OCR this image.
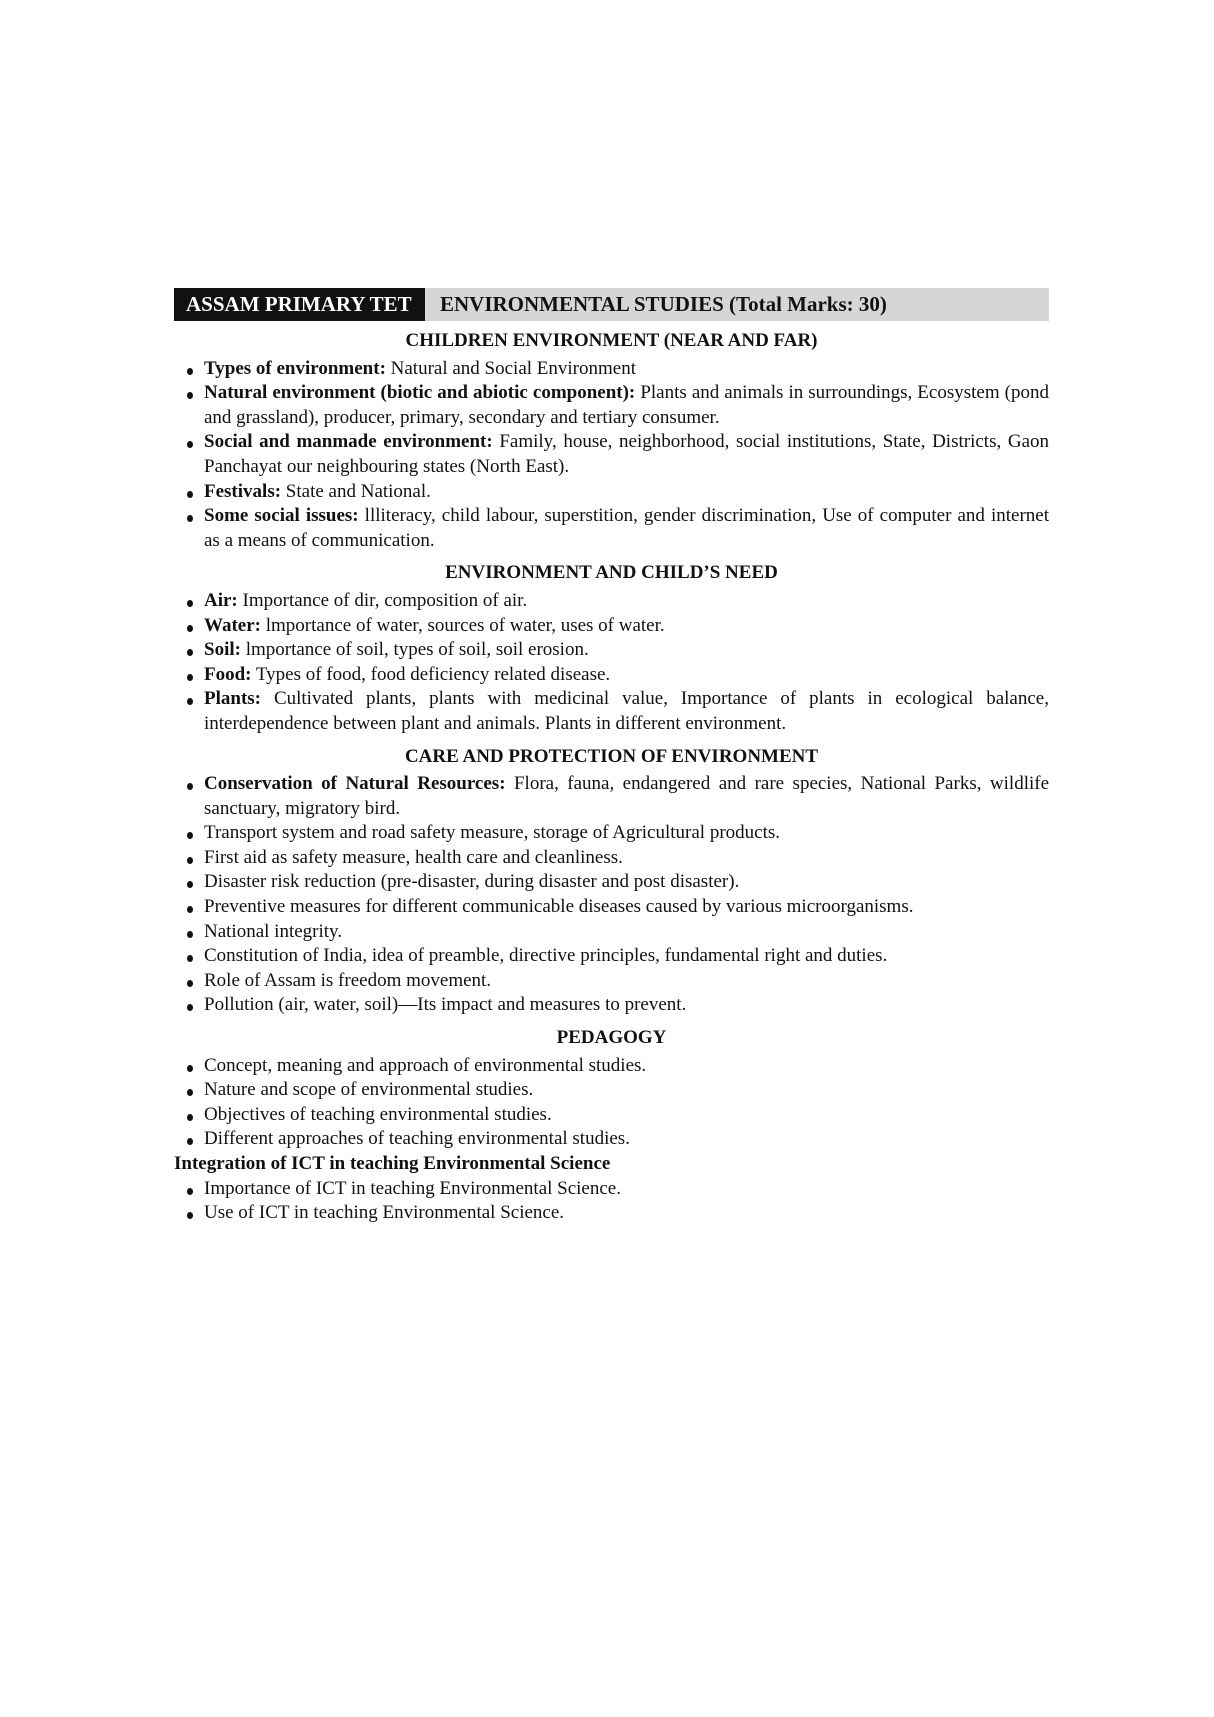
ASSAM PRIMARY TET	ENVIRONMENTAL STUDIES (Total Marks: 30)
CHILDREN ENVIRONMENT (NEAR AND FAR)
Types of environment: Natural and Social Environment
Natural environment (biotic and abiotic component): Plants and animals in surroundings, Ecosystem (pond and grassland), producer, primary, secondary and tertiary consumer.
Social and manmade environment: Family, house, neighborhood, social institutions, State, Districts, Gaon Panchayat our neighbouring states (North East).
Festivals: State and National.
Some social issues: llliteracy, child labour, superstition, gender discrimination, Use of computer and internet as a means of communication.
ENVIRONMENT AND CHILD’S NEED
Air: Importance of dir, composition of air.
Water: lmportance of water, sources of water, uses of water.
Soil: lmportance of soil, types of soil, soil erosion.
Food: Types of food, food deficiency related disease.
Plants: Cultivated plants, plants with medicinal value, Importance of plants in ecological balance, interdependence between plant and animals. Plants in different environment.
CARE AND PROTECTION OF ENVIRONMENT
Conservation of Natural Resources: Flora, fauna, endangered and rare species, National Parks, wildlife sanctuary, migratory bird.
Transport system and road safety measure, storage of Agricultural products.
First aid as safety measure, health care and cleanliness.
Disaster risk reduction (pre-disaster, during disaster and post disaster).
Preventive measures for different communicable diseases caused by various microorganisms.
National integrity.
Constitution of India, idea of preamble, directive principles, fundamental right and duties.
Role of Assam is freedom movement.
Pollution (air, water, soil)—Its impact and measures to prevent.
PEDAGOGY
Concept, meaning and approach of environmental studies.
Nature and scope of environmental studies.
Objectives of teaching environmental studies.
Different approaches of teaching environmental studies.
Integration of ICT in teaching Environmental Science
Importance of ICT in teaching Environmental Science.
Use of ICT in teaching Environmental Science.
